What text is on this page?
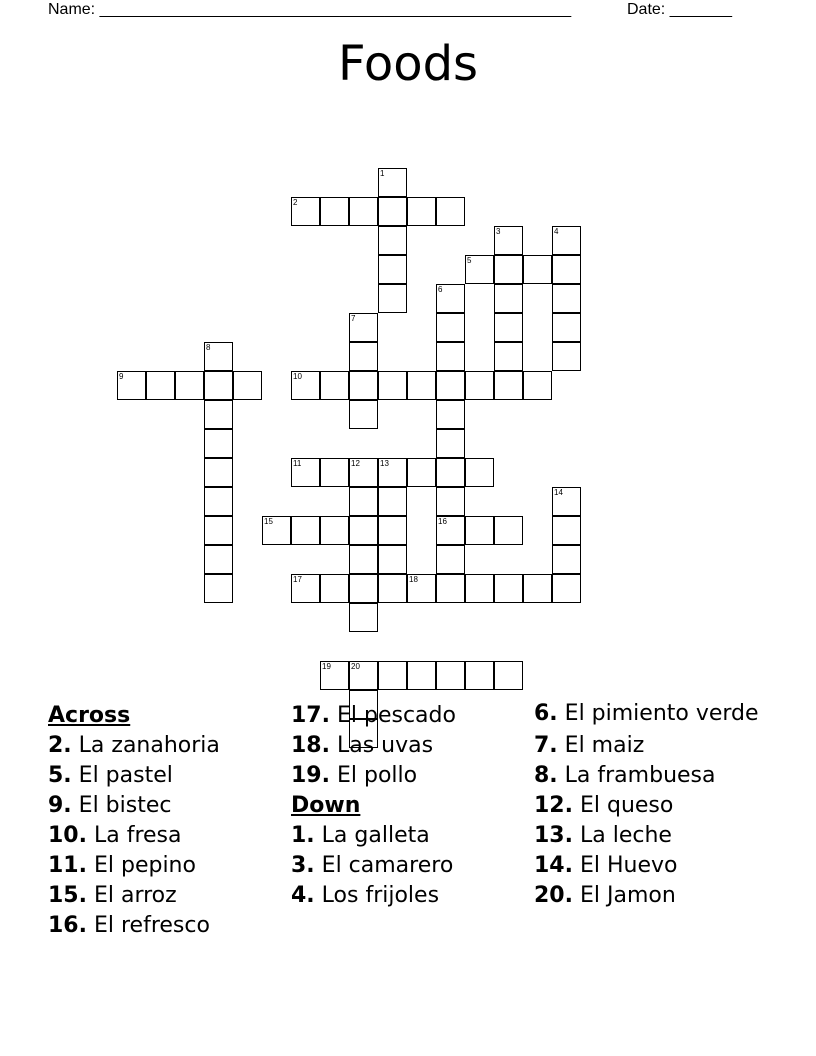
Name: _____________________________________________________	Date: _______
Foods
1
2
3	4
5
6
7
8
9	10
11	12	13
14
15	16
17	18
19	20
Across
2. La zanahoria
5. El pastel
9. El bistec
10. La fresa
11. El pepino
15. El arroz
16. El refresco
17. El pescado
18. Las uvas
19. El pollo
Down
1. La galleta
3. El camarero
4. Los frijoles
6. El pimiento verde
7. El maiz
8. La frambuesa
12. El queso
13. La leche
14. El Huevo
20. El Jamon
